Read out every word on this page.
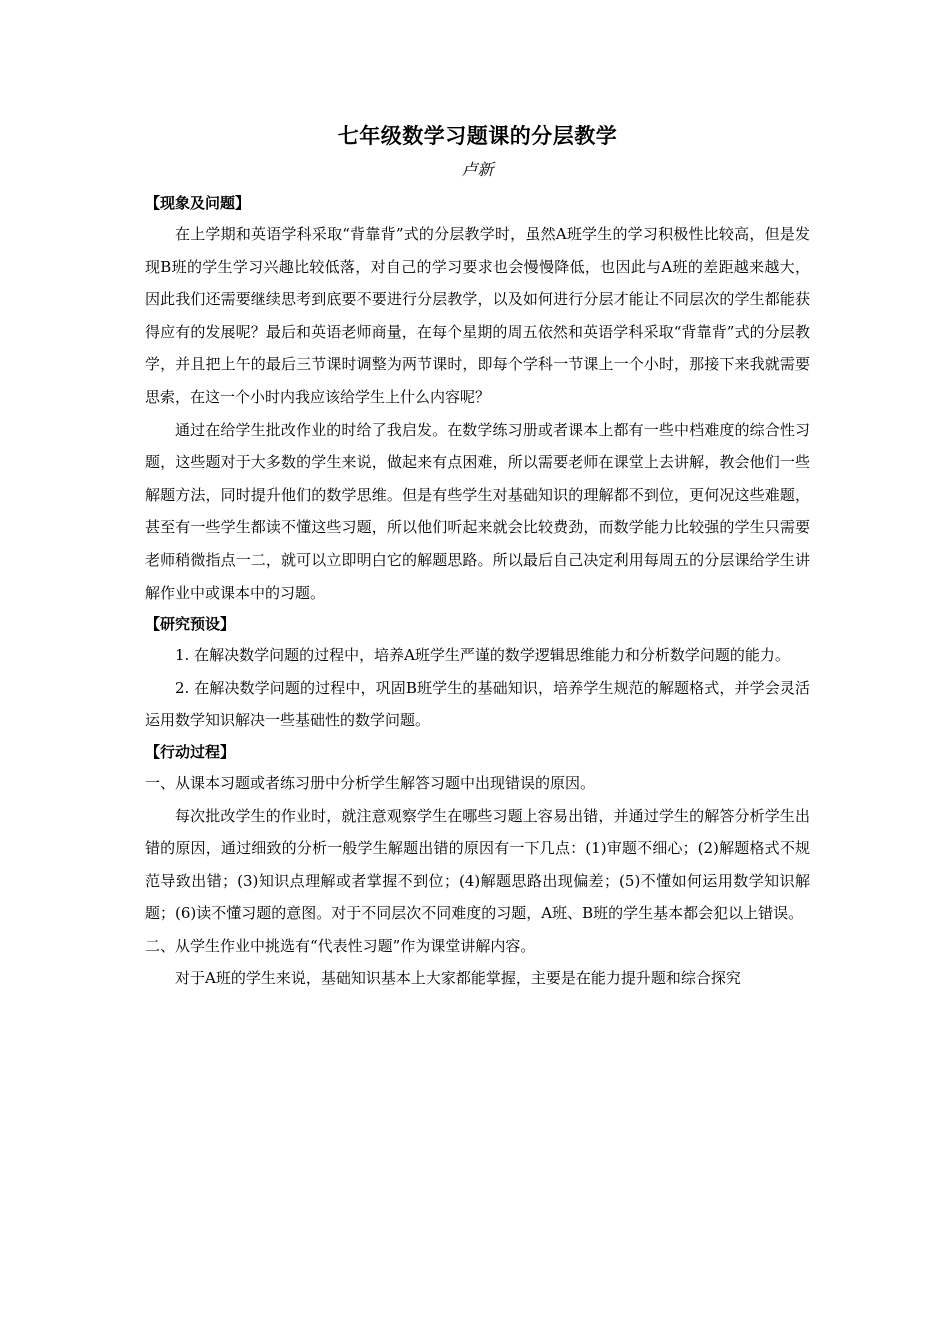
七年级数学习题课的分层教学

卢新

【现象及问题】

在上学期和英语学科采取“背靠背”式的分层教学时，虽然A班学生的学习积极性比较高，但是发现B班的学生学习兴趣比较低落，对自己的学习要求也会慢慢降低，也因此与A班的差距越来越大，因此我们还需要继续思考到底要不要进行分层教学，以及如何进行分层才能让不同层次的学生都能获得应有的发展呢？最后和英语老师商量，在每个星期的周五依然和英语学科采取“背靠背”式的分层教学，并且把上午的最后三节课时调整为两节课时，即每个学科一节课上一个小时，那接下来我就需要思索，在这一个小时内我应该给学生上什么内容呢？

通过在给学生批改作业的时给了我启发。在数学练习册或者课本上都有一些中档难度的综合性习题，这些题对于大多数的学生来说，做起来有点困难，所以需要老师在课堂上去讲解，教会他们一些解题方法，同时提升他们的数学思维。但是有些学生对基础知识的理解都不到位，更何况这些难题，甚至有一些学生都读不懂这些习题，所以他们听起来就会比较费劲，而数学能力比较强的学生只需要老师稍微指点一二，就可以立即明白它的解题思路。所以最后自己决定利用每周五的分层课给学生讲解作业中或课本中的习题。

【研究预设】

1. 在解决数学问题的过程中，培养A班学生严谨的数学逻辑思维能力和分析数学问题的能力。

2. 在解决数学问题的过程中，巩固B班学生的基础知识，培养学生规范的解题格式，并学会灵活运用数学知识解决一些基础性的数学问题。

【行动过程】

一、从课本习题或者练习册中分析学生解答习题中出现错误的原因。

每次批改学生的作业时，就注意观察学生在哪些习题上容易出错，并通过学生的解答分析学生出错的原因，通过细致的分析一般学生解题出错的原因有一下几点：(1)审题不细心；(2)解题格式不规范导致出错；(3)知识点理解或者掌握不到位；(4)解题思路出现偏差；(5)不懂如何运用数学知识解题；(6)读不懂习题的意图。对于不同层次不同难度的习题，A班、B班的学生基本都会犯以上错误。

二、从学生作业中挑选有“代表性习题”作为课堂讲解内容。

对于A班的学生来说，基础知识基本上大家都能掌握，主要是在能力提升题和综合探究
